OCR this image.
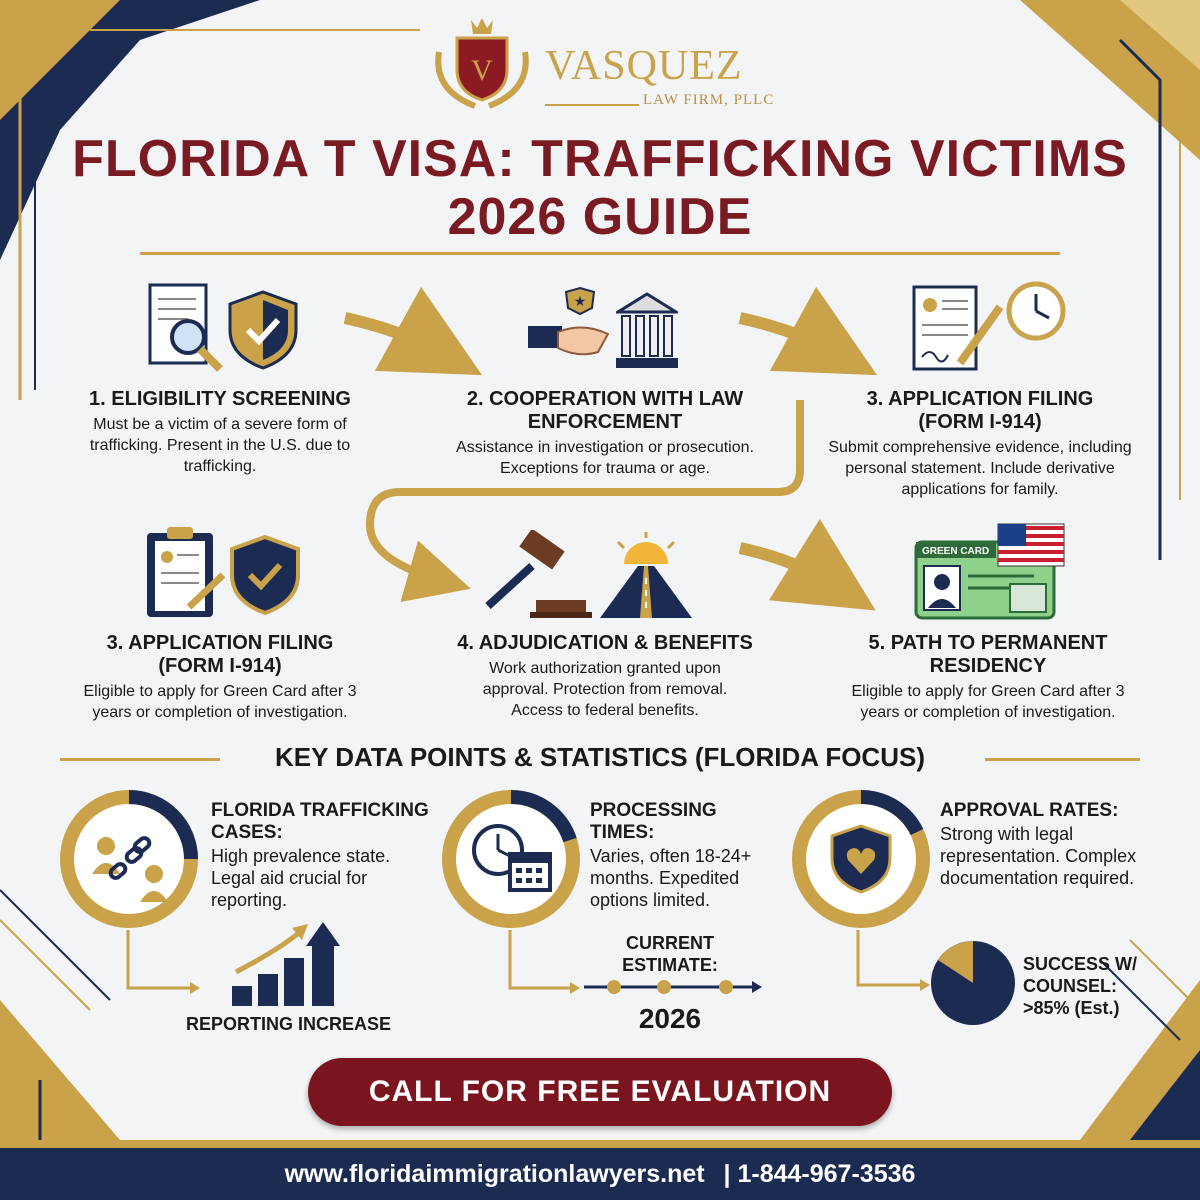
V VASQUEZ
LAW FIRM, PLLC
FLORIDA T VISA: TRAFFICKING VICTIMS 2026 GUIDE
★
GREEN CARD
1. ELIGIBILITY SCREENING
Must be a victim of a severe form of trafficking. Present in the U.S. due to trafficking.
2. COOPERATION WITH LAW ENFORCEMENT
Assistance in investigation or prosecution. Exceptions for trauma or age.
3. APPLICATION FILING (FORM I-914)
Submit comprehensive evidence, including personal statement. Include derivative applications for family.
3. APPLICATION FILING (FORM I-914)
Eligible to apply for Green Card after 3 years or completion of investigation.
4. ADJUDICATION & BENEFITS
Work authorization granted upon approval. Protection from removal. Access to federal benefits.
5. PATH TO PERMANENT RESIDENCY
Eligible to apply for Green Card after 3 years or completion of investigation.
KEY DATA POINTS & STATISTICS (FLORIDA FOCUS)
FLORIDA TRAFFICKING CASES:
High prevalence state. Legal aid crucial for reporting.
PROCESSING TIMES:
Varies, often 18-24+ months. Expedited options limited.
APPROVAL RATES:
Strong with legal representation. Complex documentation required.
REPORTING INCREASE
CURRENT ESTIMATE:
2026
SUCCESS W/ COUNSEL: >85% (Est.)
CALL FOR FREE EVALUATION
www.floridaimmigrationlawyers.net | 1-844-967-3536
